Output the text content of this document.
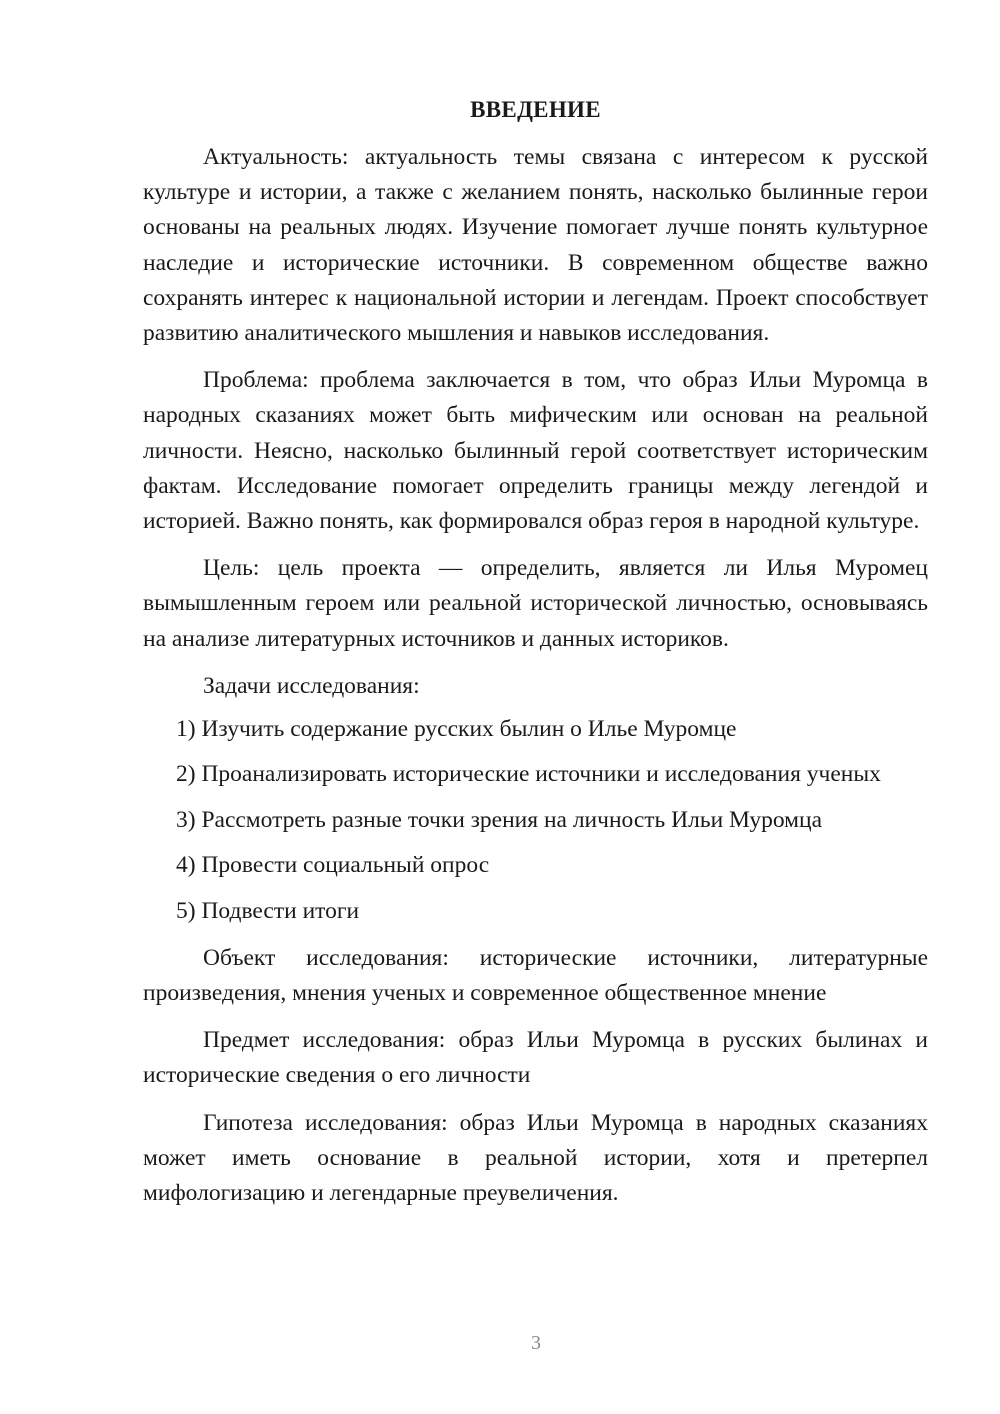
ВВЕДЕНИЕ

Актуальность: актуальность темы связана с интересом к русской культуре и истории, а также с желанием понять, насколько былинные герои основаны на реальных людях. Изучение помогает лучше понять культурное наследие и исторические источники. В современном обществе важно сохранять интерес к национальной истории и легендам. Проект способствует развитию аналитического мышления и навыков исследования.

Проблема: проблема заключается в том, что образ Ильи Муромца в народных сказаниях может быть мифическим или основан на реальной личности. Неясно, насколько былинный герой соответствует историческим фактам. Исследование помогает определить границы между легендой и историей. Важно понять, как формировался образ героя в народной культуре.

Цель: цель проекта — определить, является ли Илья Муромец вымышленным героем или реальной исторической личностью, основываясь на анализе литературных источников и данных историков.

Задачи исследования:
1) Изучить содержание русских былин о Илье Муромце
2) Проанализировать исторические источники и исследования ученых
3) Рассмотреть разные точки зрения на личность Ильи Муромца
4) Провести социальный опрос
5) Подвести итоги

Объект исследования: исторические источники, литературные произведения, мнения ученых и современное общественное мнение

Предмет исследования: образ Ильи Муромца в русских былинах и исторические сведения о его личности

Гипотеза исследования: образ Ильи Муромца в народных сказаниях может иметь основание в реальной истории, хотя и претерпел мифологизацию и легендарные преувеличения.

3
